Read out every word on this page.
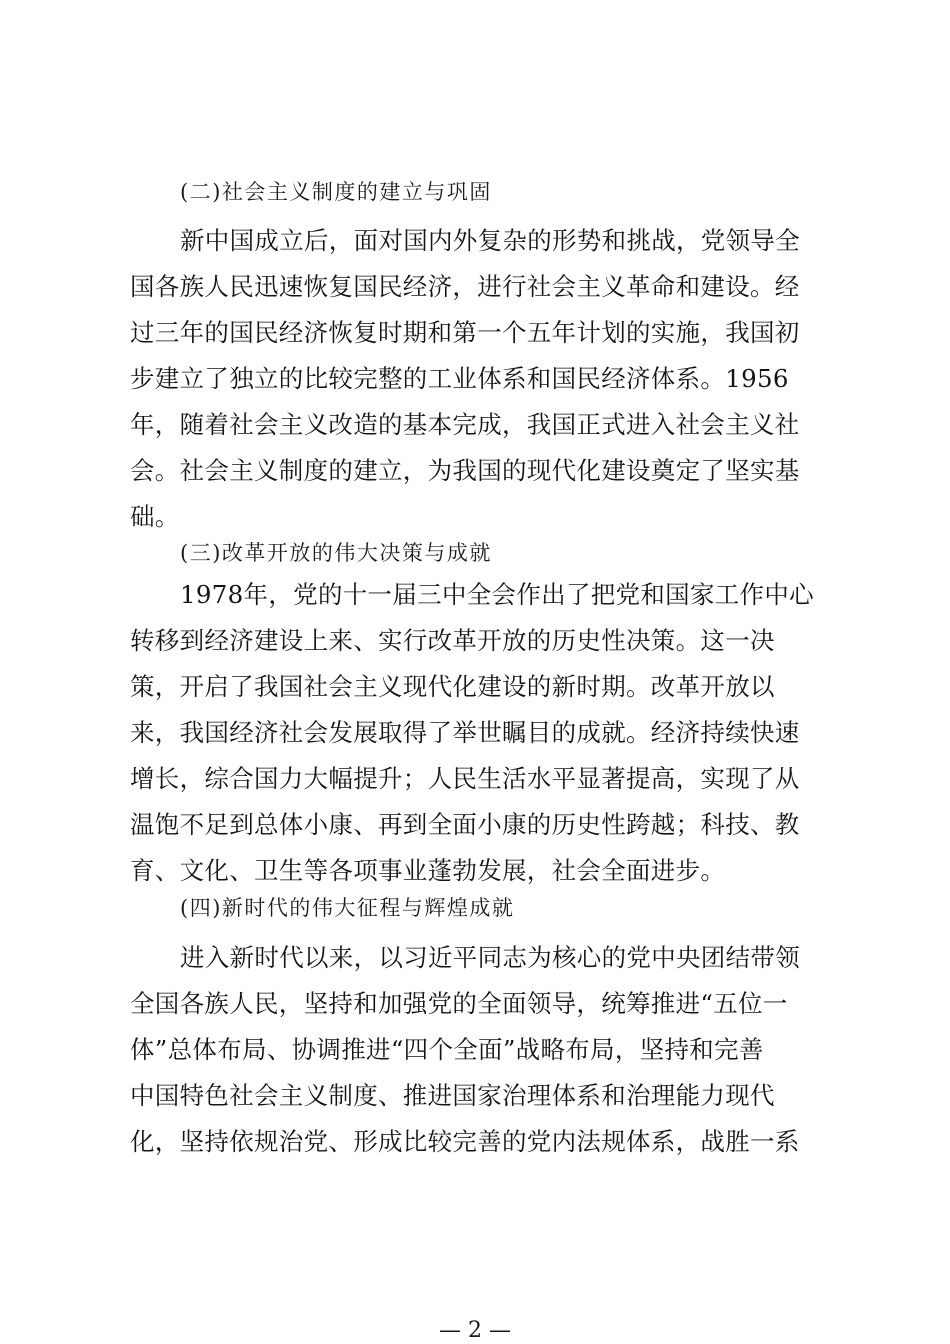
(二)社会主义制度的建立与巩固
新中国成立后，面对国内外复杂的形势和挑战，党领导全
国各族人民迅速恢复国民经济，进行社会主义革命和建设。经
过三年的国民经济恢复时期和第一个五年计划的实施，我国初
步建立了独立的比较完整的工业体系和国民经济体系。1956
年，随着社会主义改造的基本完成，我国正式进入社会主义社
会。社会主义制度的建立，为我国的现代化建设奠定了坚实基
础。
(三)改革开放的伟大决策与成就
1978年，党的十一届三中全会作出了把党和国家工作中心
转移到经济建设上来、实行改革开放的历史性决策。这一决
策，开启了我国社会主义现代化建设的新时期。改革开放以
来，我国经济社会发展取得了举世瞩目的成就。经济持续快速
增长，综合国力大幅提升；人民生活水平显著提高，实现了从
温饱不足到总体小康、再到全面小康的历史性跨越；科技、教
育、文化、卫生等各项事业蓬勃发展，社会全面进步。
(四)新时代的伟大征程与辉煌成就
进入新时代以来，以习近平同志为核心的党中央团结带领
全国各族人民，坚持和加强党的全面领导，统筹推进“五位一
体”总体布局、协调推进“四个全面”战略布局，坚持和完善
中国特色社会主义制度、推进国家治理体系和治理能力现代
化，坚持依规治党、形成比较完善的党内法规体系，战胜一系
— 2 —
